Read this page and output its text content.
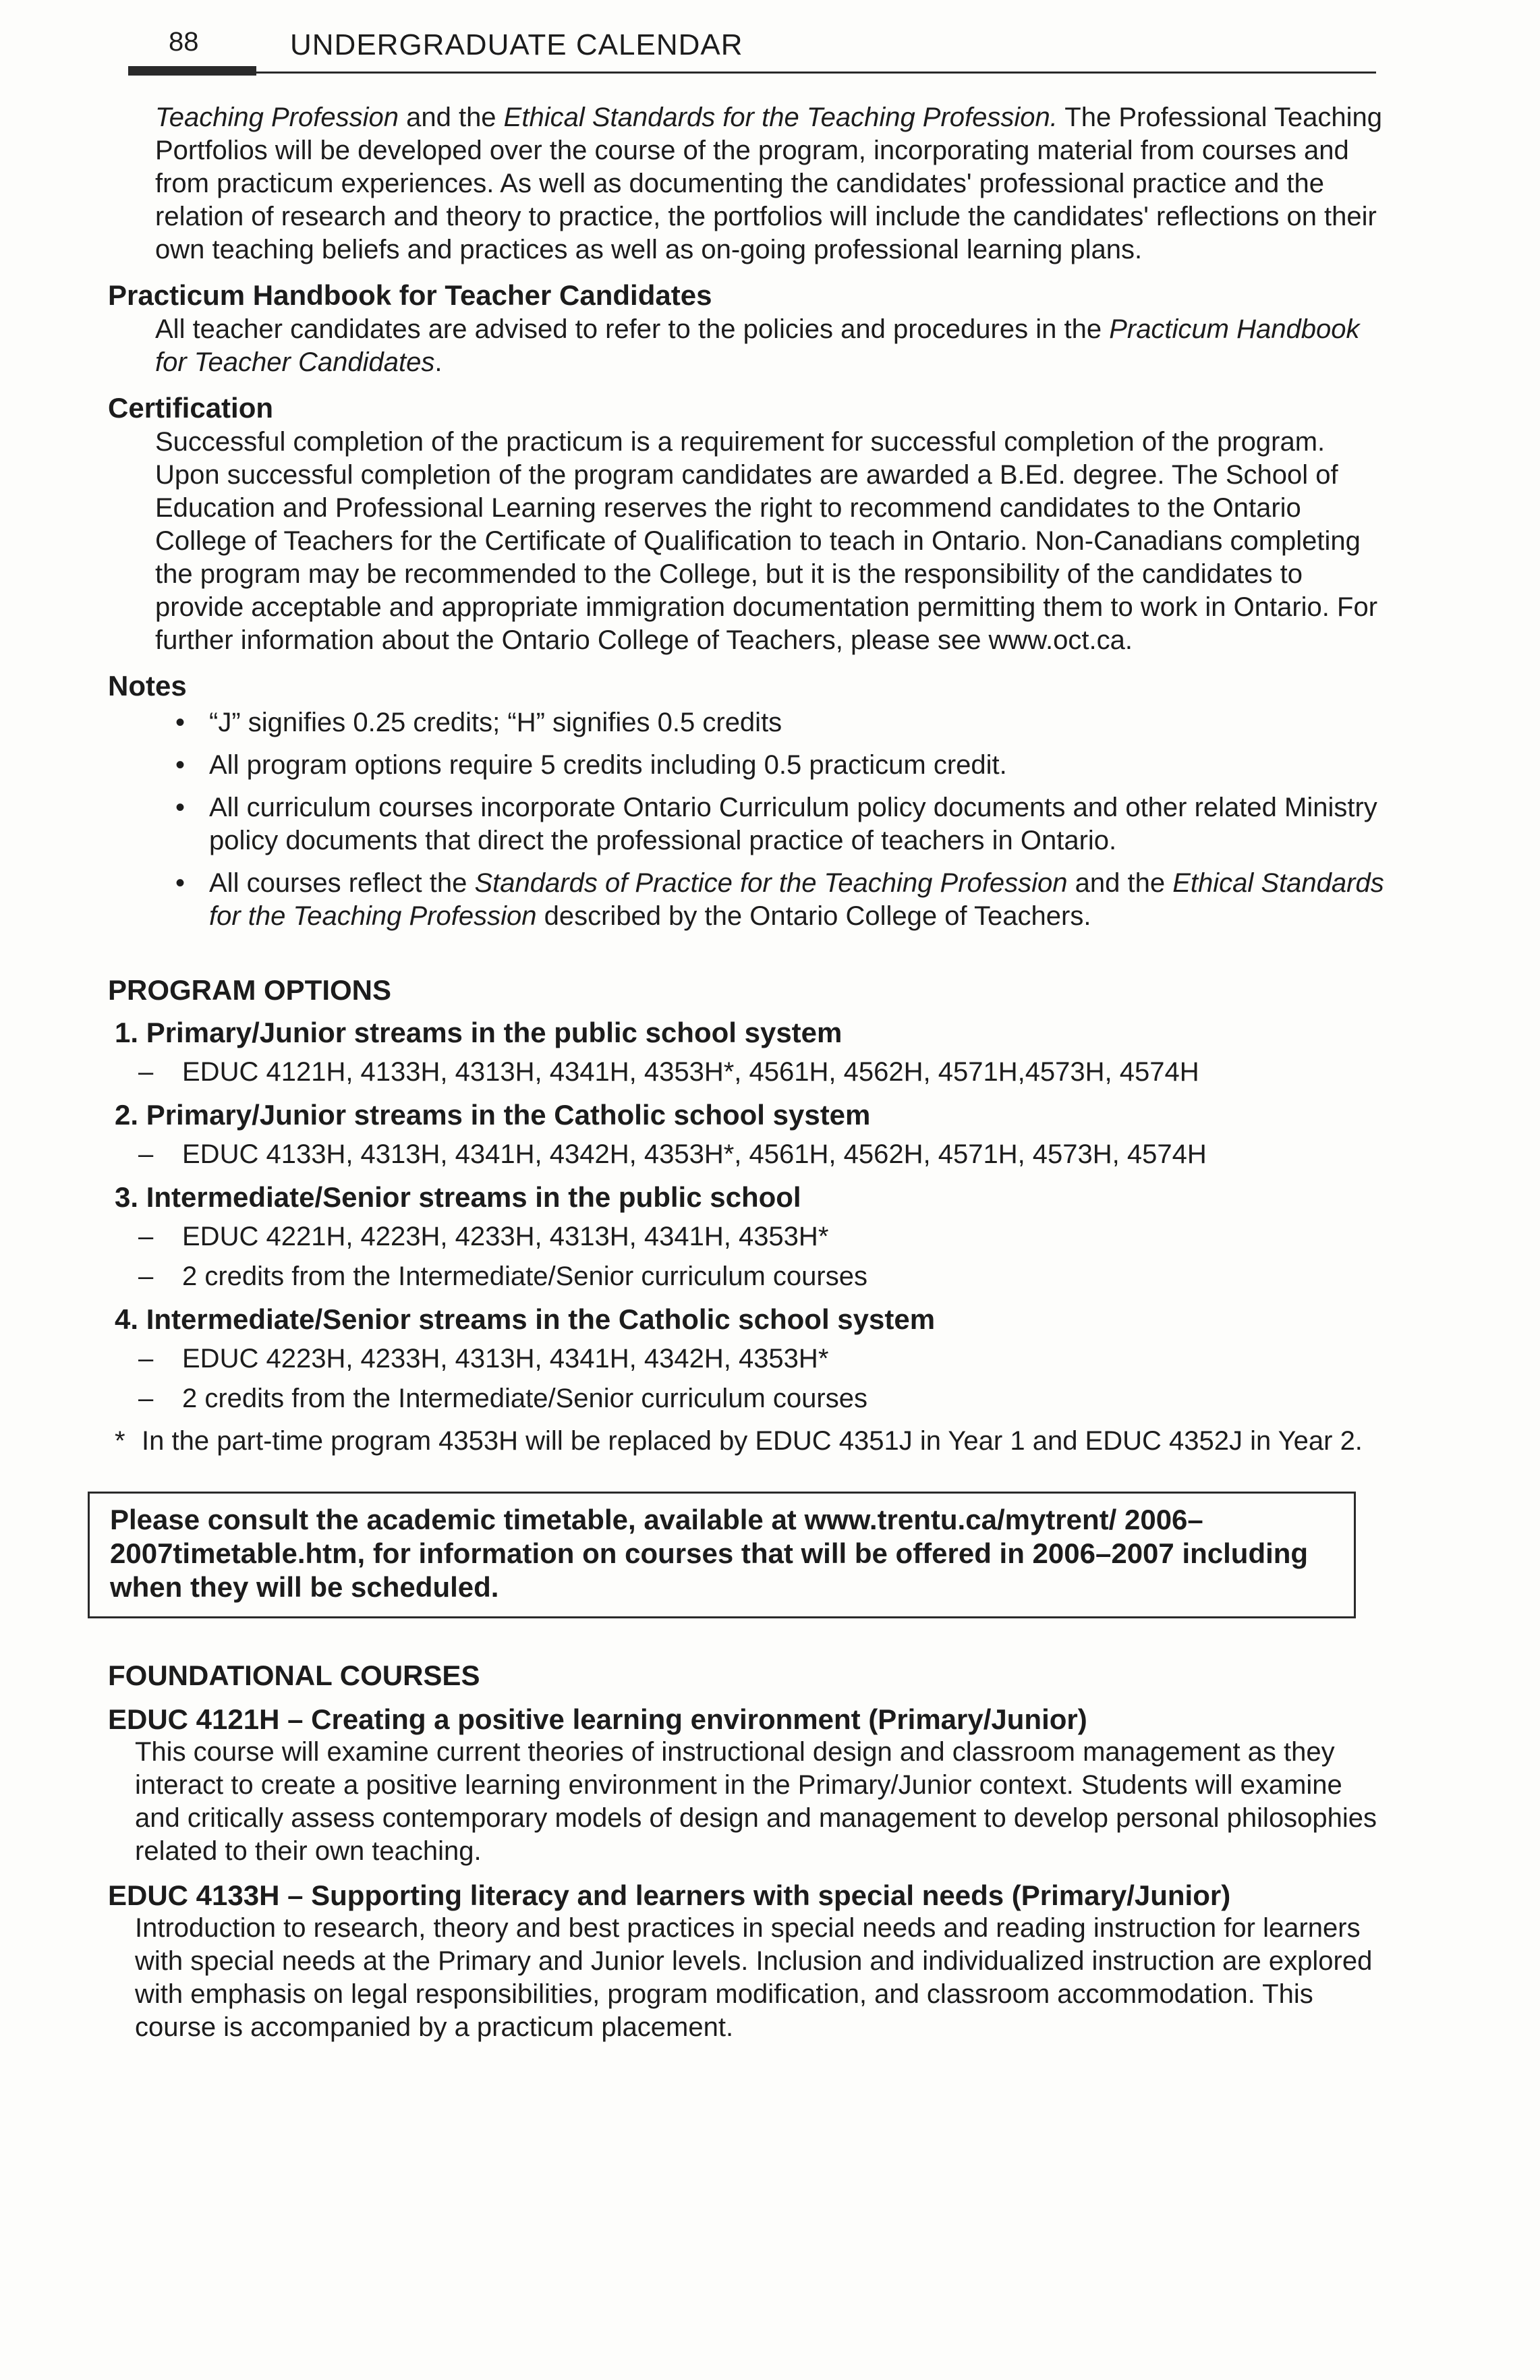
88	UNDERGRADUATE CALENDAR

Teaching Profession and the Ethical Standards for the Teaching Profession. The Professional Teaching Portfolios will be developed over the course of the program, incorporating material from courses and from practicum experiences. As well as documenting the candidates' professional practice and the relation of research and theory to practice, the portfolios will include the candidates' reflections on their own teaching beliefs and practices as well as on-going professional learning plans.

Practicum Handbook for Teacher Candidates

All teacher candidates are advised to refer to the policies and procedures in the Practicum Handbook for Teacher Candidates.

Certification

Successful completion of the practicum is a requirement for successful completion of the program. Upon successful completion of the program candidates are awarded a B.Ed. degree. The School of Education and Professional Learning reserves the right to recommend candidates to the Ontario College of Teachers for the Certificate of Qualification to teach in Ontario. Non-Canadians completing the program may be recommended to the College, but it is the responsibility of the candidates to provide acceptable and appropriate immigration documentation permitting them to work in Ontario. For further information about the Ontario College of Teachers, please see www.oct.ca.

Notes
• “J” signifies 0.25 credits; “H” signifies 0.5 credits
• All program options require 5 credits including 0.5 practicum credit.
• All curriculum courses incorporate Ontario Curriculum policy documents and other related Ministry policy documents that direct the professional practice of teachers in Ontario.
• All courses reflect the Standards of Practice for the Teaching Profession and the Ethical Standards for the Teaching Profession described by the Ontario College of Teachers.
PROGRAM OPTIONS
1. Primary/Junior streams in the public school system
– EDUC 4121H, 4133H, 4313H, 4341H, 4353H*, 4561H, 4562H, 4571H,4573H, 4574H
2. Primary/Junior streams in the Catholic school system
– EDUC 4133H, 4313H, 4341H, 4342H, 4353H*, 4561H, 4562H, 4571H, 4573H, 4574H
3. Intermediate/Senior streams in the public school
– EDUC 4221H, 4223H, 4233H, 4313H, 4341H, 4353H*
– 2 credits from the Intermediate/Senior curriculum courses
4. Intermediate/Senior streams in the Catholic school system
– EDUC 4223H, 4233H, 4313H, 4341H, 4342H, 4353H*
– 2 credits from the Intermediate/Senior curriculum courses
* In the part-time program 4353H will be replaced by EDUC 4351J in Year 1 and EDUC 4352J in Year 2.
Please consult the academic timetable, available at www.trentu.ca/mytrent/ 2006–2007timetable.htm, for information on courses that will be offered in 2006–2007 including when they will be scheduled.
FOUNDATIONAL COURSES
EDUC 4121H – Creating a positive learning environment (Primary/Junior)

This course will examine current theories of instructional design and classroom management as they interact to create a positive learning environment in the Primary/Junior context. Students will examine and critically assess contemporary models of design and management to develop personal philosophies related to their own teaching.

EDUC 4133H – Supporting literacy and learners with special needs (Primary/Junior)

Introduction to research, theory and best practices in special needs and reading instruction for learners with special needs at the Primary and Junior levels. Inclusion and individualized instruction are explored with emphasis on legal responsibilities, program modification, and classroom accommodation. This course is accompanied by a practicum placement.
